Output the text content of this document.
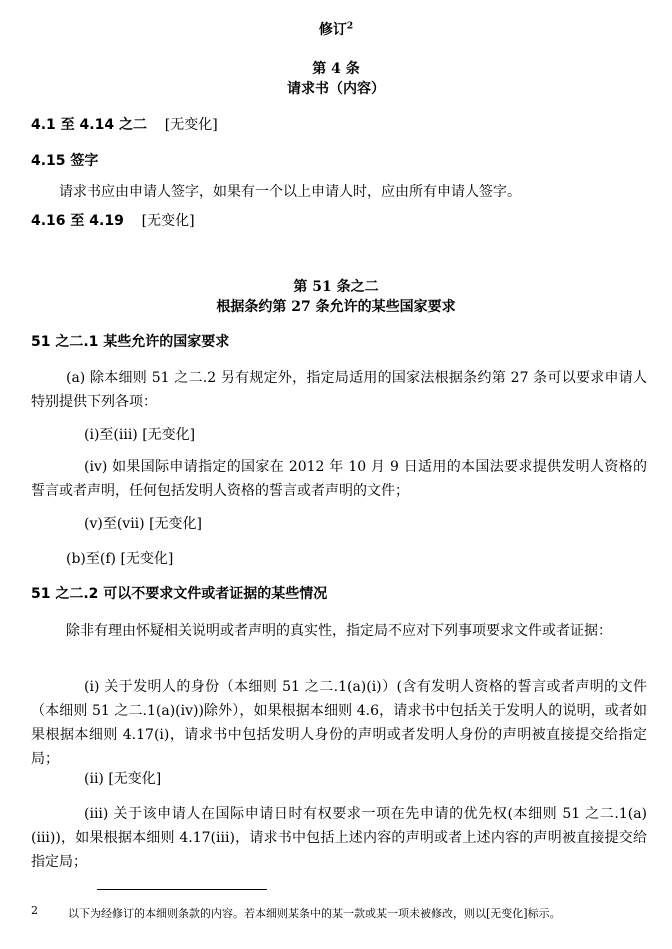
修订$^2$
第 4 条
请求书（内容）
4.1 至 4.14 之二 [无变化]
4.15 签字
请求书应由申请人签字，如果有一个以上申请人时，应由所有申请人签字。
4.16 至 4.19 [无变化]
第 51 条之二
根据条约第 27 条允许的某些国家要求
51 之二.1 某些允许的国家要求
(a) 除本细则 51 之二.2 另有规定外，指定局适用的国家法根据条约第 27 条可以要求申请人特别提供下列各项：
(i)至(iii) [无变化]
(iv) 如果国际申请指定的国家在 2012 年 10 月 9 日适用的本国法要求提供发明人资格的誓言或者声明，任何包括发明人资格的誓言或者声明的文件；
(v)至(vii) [无变化]
(b)至(f) [无变化]
51 之二.2 可以不要求文件或者证据的某些情况
除非有理由怀疑相关说明或者声明的真实性，指定局不应对下列事项要求文件或者证据：
(i) 关于发明人的身份（本细则 51 之二.1(a)(i)）(含有发明人资格的誓言或者声明的文件（本细则 51 之二.1(a)(iv))除外），如果根据本细则 4.6，请求书中包括关于发明人的说明，或者如果根据本细则 4.17(i)，请求书中包括发明人身份的声明或者发明人身份的声明被直接提交给指定局；
(ii) [无变化]
(iii) 关于该申请人在国际申请日时有权要求一项在先申请的优先权(本细则 51 之二.1(a)(iii))，如果根据本细则 4.17(iii)，请求书中包括上述内容的声明或者上述内容的声明被直接提交给指定局；
2	以下为经修订的本细则条款的内容。若本细则某条中的某一款或某一项未被修改，则以[无变化]标示。
